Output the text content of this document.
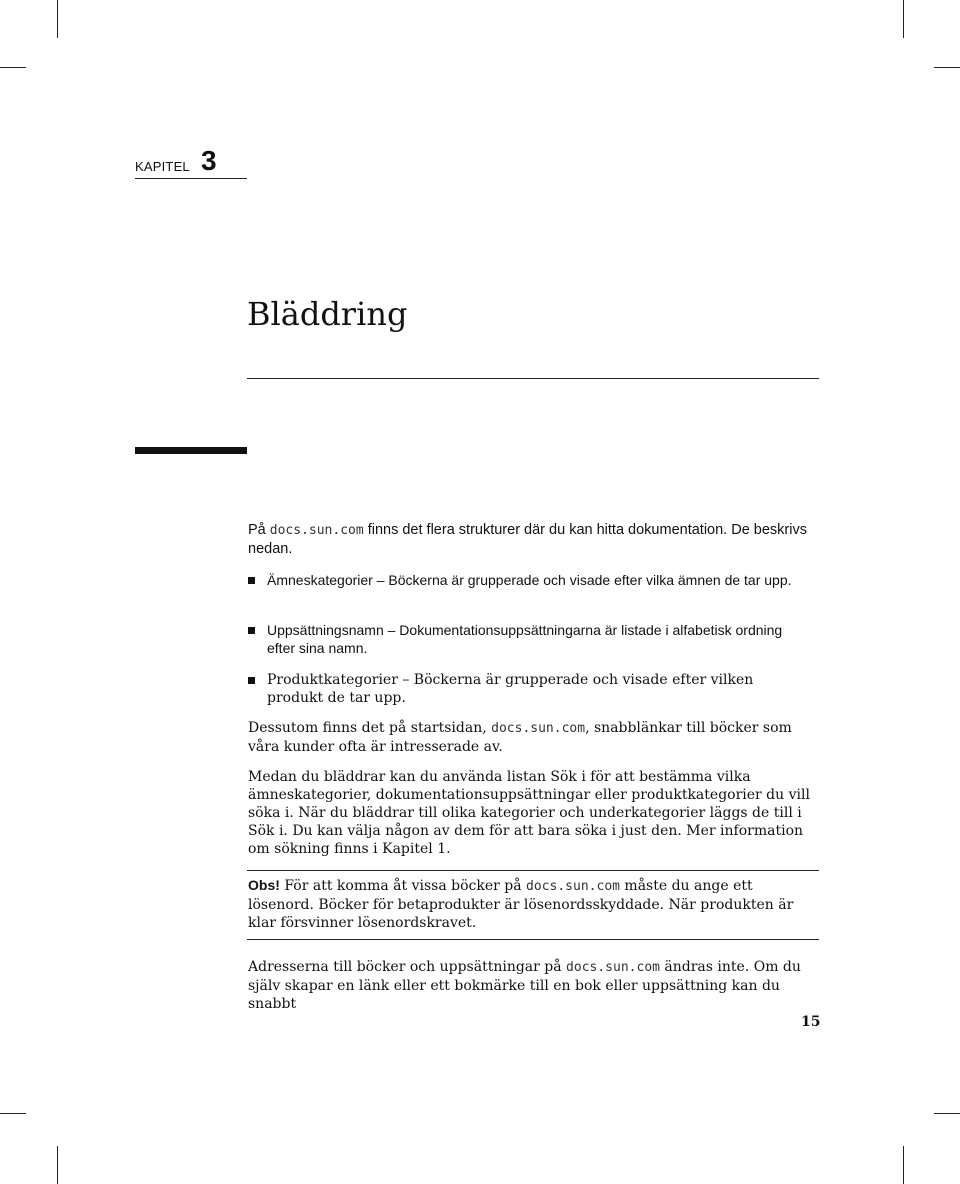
KAPITEL 3
Bläddring

På docs.sun.com finns det flera strukturer där du kan hitta dokumentation. De beskrivs nedan.

Ämneskategorier – Böckerna är grupperade och visade efter vilka ämnen de tar upp.
Uppsättningsnamn – Dokumentationsuppsättningarna är listade i alfabetisk ordning efter sina namn.
Produktkategorier – Böckerna är grupperade och visade efter vilken produkt de tar upp.

Dessutom finns det på startsidan, docs.sun.com, snabblänkar till böcker som våra kunder ofta är intresserade av.

Medan du bläddrar kan du använda listan Sök i för att bestämma vilka ämneskategorier, dokumentationsuppsättningar eller produktkategorier du vill söka i. När du bläddrar till olika kategorier och underkategorier läggs de till i Sök i. Du kan välja någon av dem för att bara söka i just den. Mer information om sökning finns i Kapitel 1.

Obs! För att komma åt vissa böcker på docs.sun.com måste du ange ett lösenord. Böcker för betaprodukter är lösenordsskyddade. När produkten är klar försvinner lösenordskravet.

Adresserna till böcker och uppsättningar på docs.sun.com ändras inte. Om du själv skapar en länk eller ett bokmärke till en bok eller uppsättning kan du snabbt

15
